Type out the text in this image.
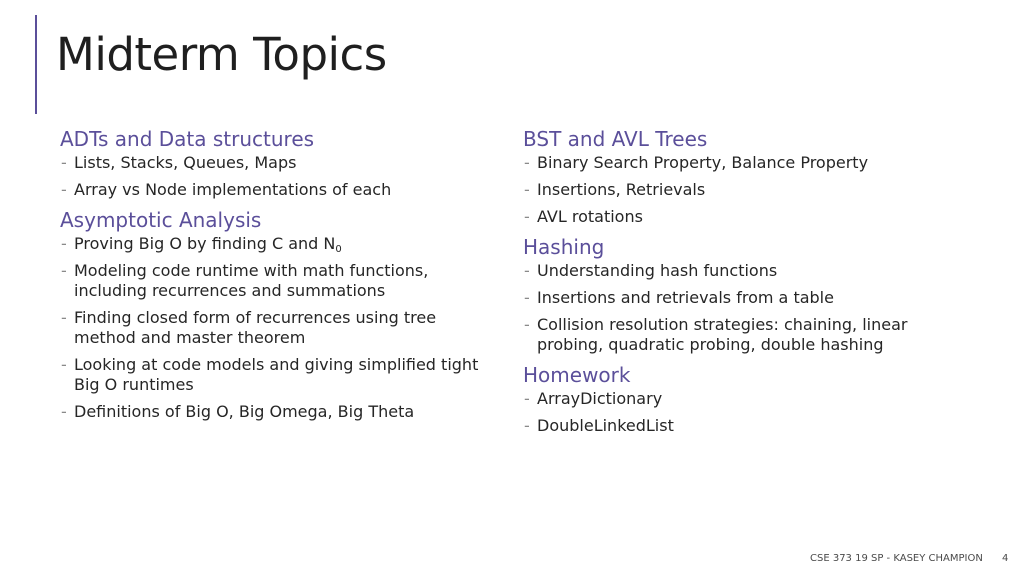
Midterm Topics
ADTs and Data structures
- Lists, Stacks, Queues, Maps
- Array vs Node implementations of each
Asymptotic Analysis
- Proving Big O by finding C and $N_0$
- Modeling code runtime with math functions, including recurrences and summations
- Finding closed form of recurrences using tree method and master theorem
- Looking at code models and giving simplified tight Big O runtimes
- Definitions of Big O, Big Omega, Big Theta
BST and AVL Trees
- Binary Search Property, Balance Property
- Insertions, Retrievals
- AVL rotations
Hashing
- Understanding hash functions
- Insertions and retrievals from a table
- Collision resolution strategies: chaining, linear probing, quadratic probing, double hashing
Homework
- ArrayDictionary
- DoubleLinkedList
CSE 373 19 SP - KASEY CHAMPION 4
